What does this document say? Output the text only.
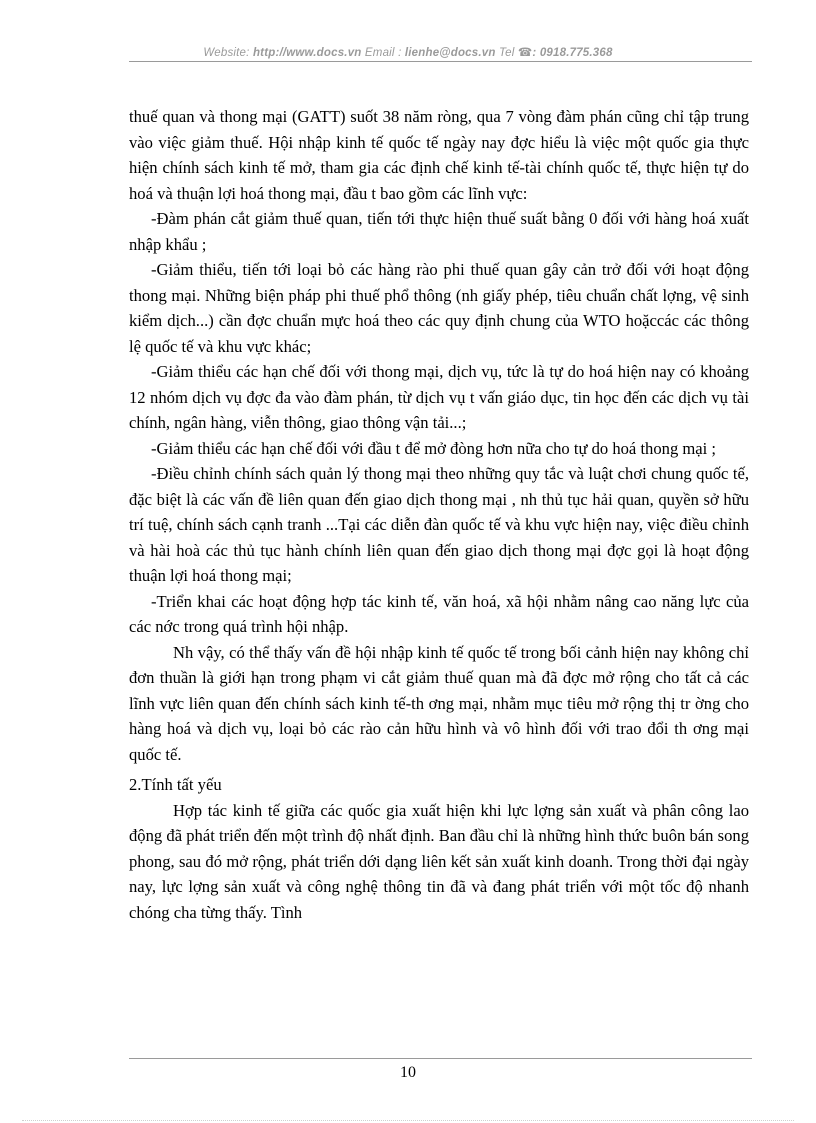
Website: http://www.docs.vn Email : lienhe@docs.vn Tel ☎: 0918.775.368

thuế quan và thong mại (GATT) suốt 38 năm ròng, qua 7 vòng đàm phán cũng chỉ tập trung vào việc giảm thuế. Hội nhập kinh tế quốc tế ngày nay đợc hiểu là việc một quốc gia thực hiện chính sách kinh tế mở, tham gia các định chế kinh tế-tài chính quốc tế, thực hiện tự do hoá và thuận lợi hoá thong mại, đầu t bao gồm các lĩnh vực:

-Đàm phán cắt giảm thuế quan, tiến tới thực hiện thuế suất bằng 0 đối với hàng hoá xuất nhập khẩu ;

-Giảm thiểu, tiến tới loại bỏ các hàng rào phi thuế quan gây cản trở đối với hoạt động thong mại. Những biện pháp phi thuế phổ thông (nh giấy phép, tiêu chuẩn chất lợng, vệ sinh kiểm dịch...) cần đợc chuẩn mực hoá theo các quy định chung của WTO hoặccác các thông lệ quốc tế và khu vực khác;

-Giảm thiểu các hạn chế đối với thong mại, dịch vụ, tức là tự do hoá hiện nay có khoảng 12 nhóm dịch vụ đợc đa vào đàm phán, từ dịch vụ t vấn giáo dục, tin học đến các dịch vụ tài chính, ngân hàng, viễn thông, giao thông vận tải...;

-Giảm thiểu các hạn chế đối với đầu t để mở đòng hơn nữa cho tự do hoá thong mại ;

-Điều chỉnh chính sách quản lý thong mại theo những quy tắc và luật chơi chung quốc tế, đặc biệt là các vấn đề liên quan đến giao dịch thong mại , nh thủ tục hải quan, quyền sở hữu trí tuệ, chính sách cạnh tranh ...Tại các diễn đàn quốc tế và khu vực hiện nay, việc điều chỉnh và hài hoà các thủ tục hành chính liên quan đến giao dịch thong mại đợc gọi là hoạt động thuận lợi hoá thong mại;

-Triển khai các hoạt động hợp tác kinh tế, văn hoá, xã hội nhằm nâng cao năng lực của các nớc trong quá trình hội nhập.

Nh vậy, có thể thấy vấn đề hội nhập kinh tế quốc tế trong bối cảnh hiện nay không chỉ đơn thuần là giới hạn trong phạm vi cắt giảm thuế quan mà đã đợc mở rộng cho tất cả các lĩnh vực liên quan đến chính sách kinh tế-th ơng mại, nhằm mục tiêu mở rộng thị tr ờng cho hàng hoá và dịch vụ, loại bỏ các rào cản hữu hình và vô hình đối với trao đổi th ơng mại quốc tế.

2.Tính tất yếu

Hợp tác kinh tế giữa các quốc gia xuất hiện khi lực lợng sản xuất và phân công lao động đã phát triển đến một trình độ nhất định. Ban đầu chỉ là những hình thức buôn bán song phong, sau đó mở rộng, phát triển dới dạng liên kết sản xuất kinh doanh. Trong thời đại ngày nay, lực lợng sản xuất và công nghệ thông tin đã và đang phát triển với một tốc độ nhanh chóng cha từng thấy. Tình

10
